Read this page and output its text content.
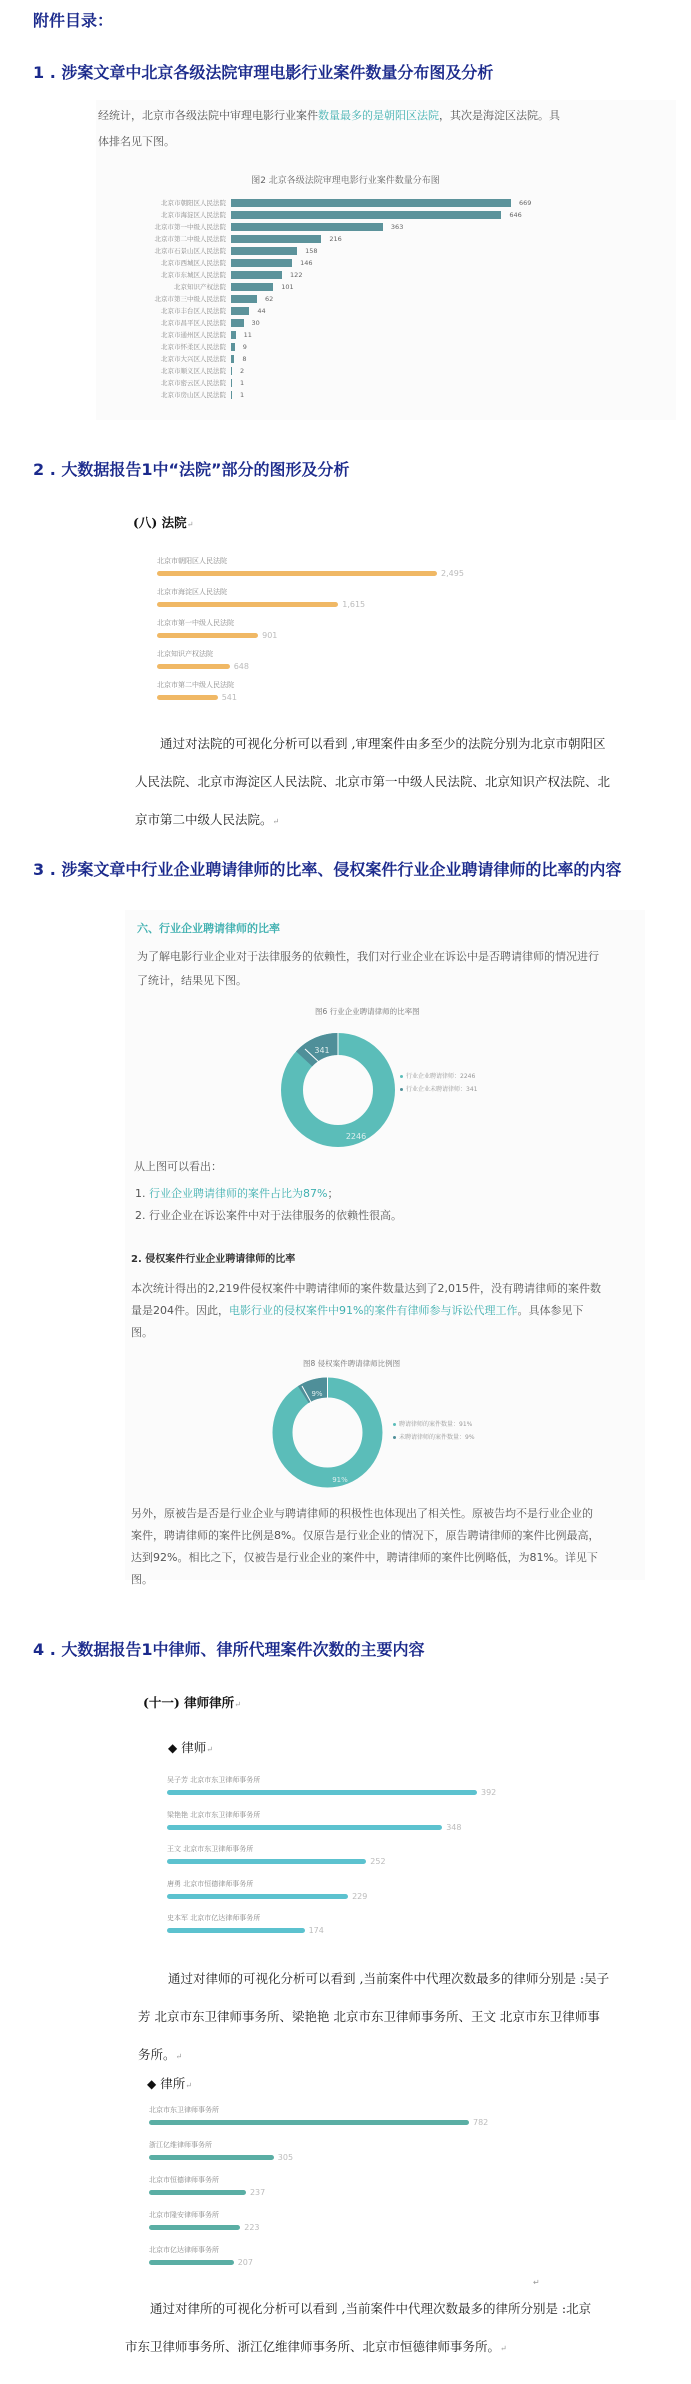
附件目录：
1 . 涉案文章中北京各级法院审理电影行业案件数量分布图及分析
经统计，北京市各级法院中审理电影行业案件数量最多的是朝阳区法院，其次是海淀区法院。具
体排名见下图。
图2 北京各级法院审理电影行业案件数量分布图
北京市朝阳区人民法院	669
北京市海淀区人民法院	646
北京市第一中级人民法院	363
北京市第二中级人民法院	216
北京市石景山区人民法院	158
北京市西城区人民法院	146
北京市东城区人民法院	122
北京知识产权法院	101
北京市第三中级人民法院	62
北京市丰台区人民法院	44
北京市昌平区人民法院	30
北京市通州区人民法院	11
北京市怀柔区人民法院	9
北京市大兴区人民法院	8
北京市顺义区人民法院	2
北京市密云区人民法院	1
北京市房山区人民法院	1
2 . 大数据报告1中“法院”部分的图形及分析
(八) 法院↵
北京市朝阳区人民法院
2,495
北京市海淀区人民法院
1,615
北京市第一中级人民法院
901
北京知识产权法院
648
北京市第二中级人民法院
541
通过对法院的可视化分析可以看到 ,审理案件由多至少的法院分别为北京市朝阳区
人民法院、北京市海淀区人民法院、北京市第一中级人民法院、北京知识产权法院、北
京市第二中级人民法院。↵
3 . 涉案文章中行业企业聘请律师的比率、侵权案件行业企业聘请律师的比率的内容
六、行业企业聘请律师的比率
为了解电影行业企业对于法律服务的依赖性，我们对行业企业在诉讼中是否聘请律师的情况进行
了统计，结果见下图。
图6 行业企业聘请律师的比率图
341
2246
行业企业聘请律师：2246
行业企业未聘请律师：341
从上图可以看出：
1. 行业企业聘请律师的案件占比为87%；
2. 行业企业在诉讼案件中对于法律服务的依赖性很高。
2. 侵权案件行业企业聘请律师的比率
本次统计得出的2,219件侵权案件中聘请律师的案件数量达到了2,015件，没有聘请律师的案件数
量是204件。因此，电影行业的侵权案件中91%的案件有律师参与诉讼代理工作。具体参见下
图。
图8 侵权案件聘请律师比例图
9%
91%
聘请律师的案件数量：91%
未聘请律师的案件数量：9%
另外，原被告是否是行业企业与聘请律师的积极性也体现出了相关性。原被告均不是行业企业的
案件，聘请律师的案件比例是8%。仅原告是行业企业的情况下，原告聘请律师的案件比例最高，
达到92%。相比之下，仅被告是行业企业的案件中，聘请律师的案件比例略低，为81%。详见下
图。
4 . 大数据报告1中律师、律所代理案件次数的主要内容
(十一) 律师律所↵
◆ 律师↵
吴子芳 北京市东卫律师事务所
392
梁艳艳 北京市东卫律师事务所
348
王文 北京市东卫律师事务所
252
唐勇 北京市恒德律师事务所
229
史本军 北京市亿达律师事务所
174
通过对律师的可视化分析可以看到 ,当前案件中代理次数最多的律师分别是 :吴子
芳 北京市东卫律师事务所、梁艳艳 北京市东卫律师事务所、王文 北京市东卫律师事
务所。↵
◆ 律所↵
北京市东卫律师事务所
782
浙江亿维律师事务所
305
北京市恒德律师事务所
237
北京市隆安律师事务所
223
北京市亿达律师事务所
207
↵
通过对律所的可视化分析可以看到 ,当前案件中代理次数最多的律所分别是 :北京
市东卫律师事务所、浙江亿维律师事务所、北京市恒德律师事务所。↵
